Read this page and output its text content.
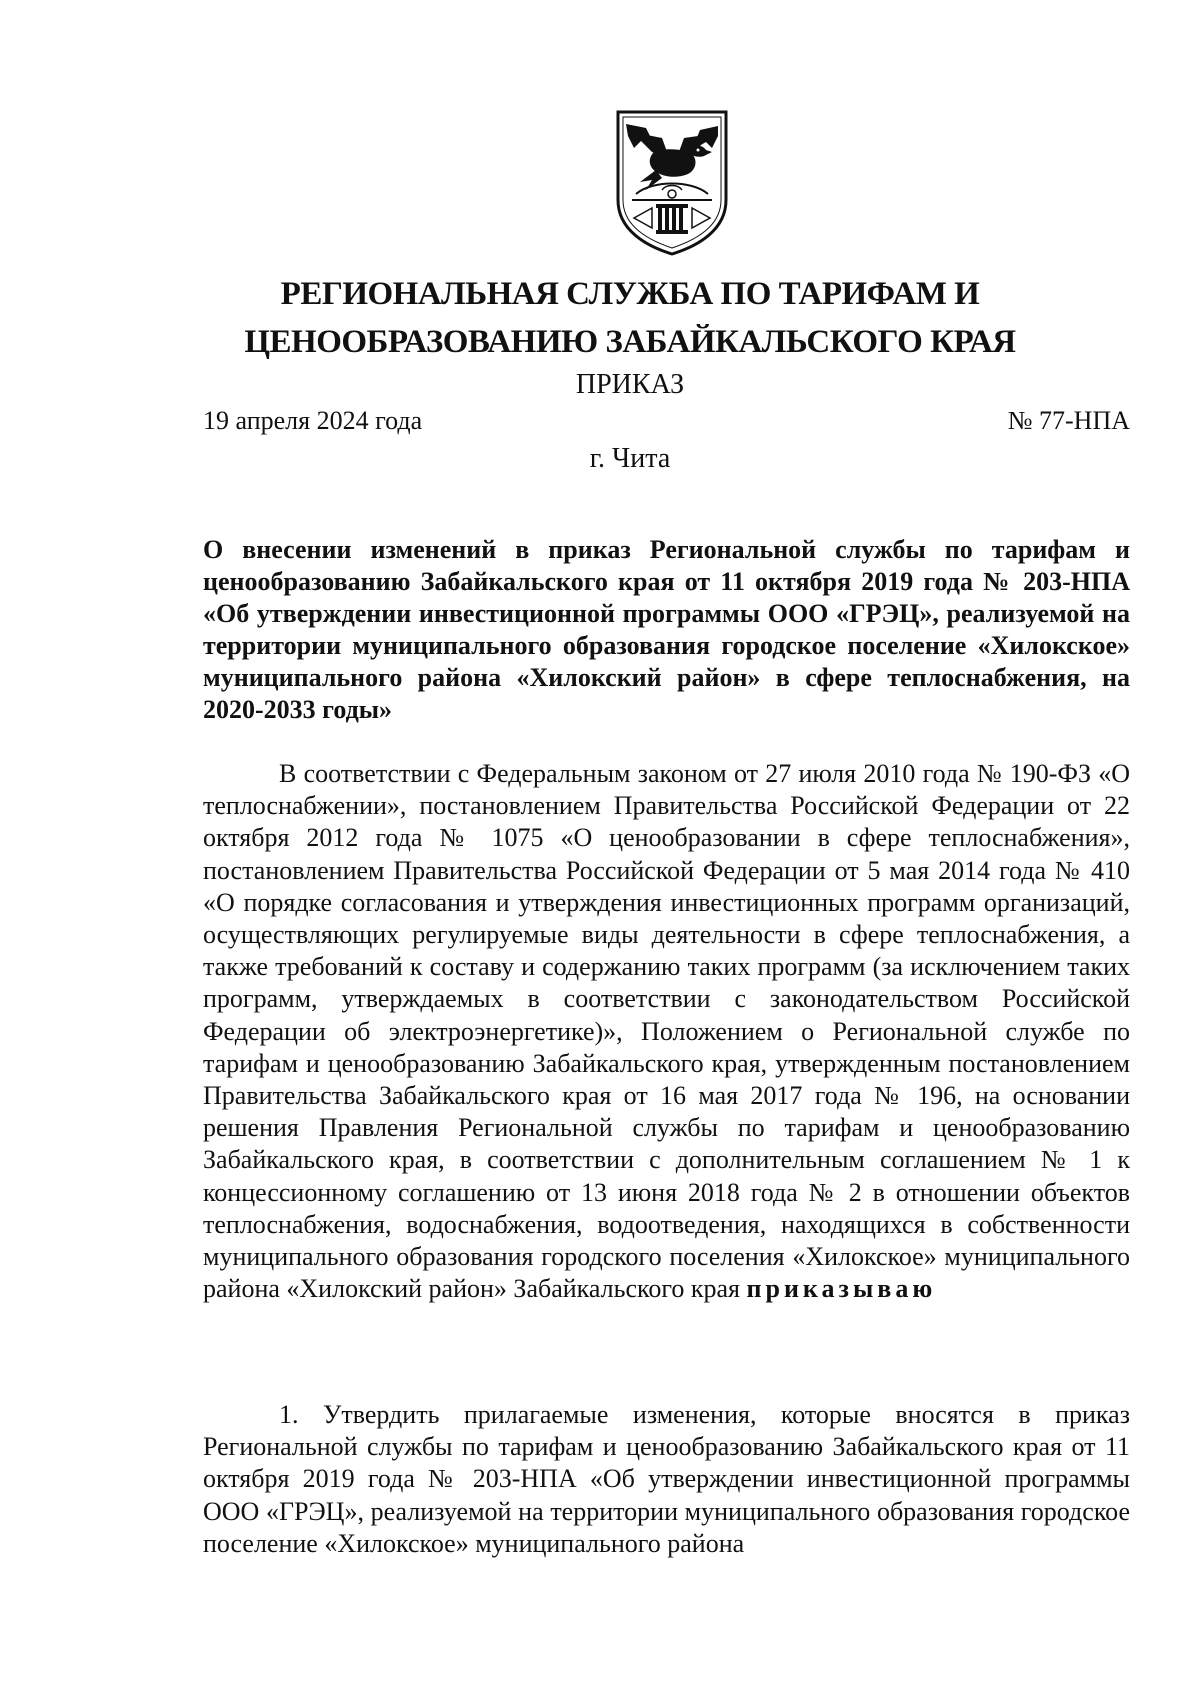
РЕГИОНАЛЬНАЯ СЛУЖБА ПО ТАРИФАМ И
ЦЕНООБРАЗОВАНИЮ ЗАБАЙКАЛЬСКОГО КРАЯ
ПРИКАЗ
19 апреля 2024 года	№ 77-НПА
г. Чита
О внесении изменений в приказ Региональной службы по тарифам и ценообразованию Забайкальского края от 11 октября 2019 года № 203-НПА «Об утверждении инвестиционной программы ООО «ГРЭЦ», реализуемой на территории муниципального образования городское поселение «Хилокское» муниципального района «Хилокский район» в сфере теплоснабжения, на 2020-2033 годы»

В соответствии с Федеральным законом от 27 июля 2010 года № 190-ФЗ «О теплоснабжении», постановлением Правительства Российской Федерации от 22 октября 2012 года № 1075 «О ценообразовании в сфере теплоснабжения», постановлением Правительства Российской Федерации от 5 мая 2014 года № 410 «О порядке согласования и утверждения инвестиционных программ организаций, осуществляющих регулируемые виды деятельности в сфере теплоснабжения, а также требований к составу и содержанию таких программ (за исключением таких программ, утверждаемых в соответствии с законодательством Российской Федерации об электроэнергетике)», Положением о Региональной службе по тарифам и ценообразованию Забайкальского края, утвержденным постановлением Правительства Забайкальского края от 16 мая 2017 года № 196, на основании решения Правления Региональной службы по тарифам и ценообразованию Забайкальского края, в соответствии с дополнительным соглашением № 1 к концессионному соглашению от 13 июня 2018 года № 2 в отношении объектов теплоснабжения, водоснабжения, водоотведения, находящихся в собственности муниципального образования городского поселения «Хилокское» муниципального района «Хилокский район» Забайкальского края приказываю

1. Утвердить прилагаемые изменения, которые вносятся в приказ Региональной службы по тарифам и ценообразованию Забайкальского края от 11 октября 2019 года № 203-НПА «Об утверждении инвестиционной программы ООО «ГРЭЦ», реализуемой на территории муниципального образования городское поселение «Хилокское» муниципального района
